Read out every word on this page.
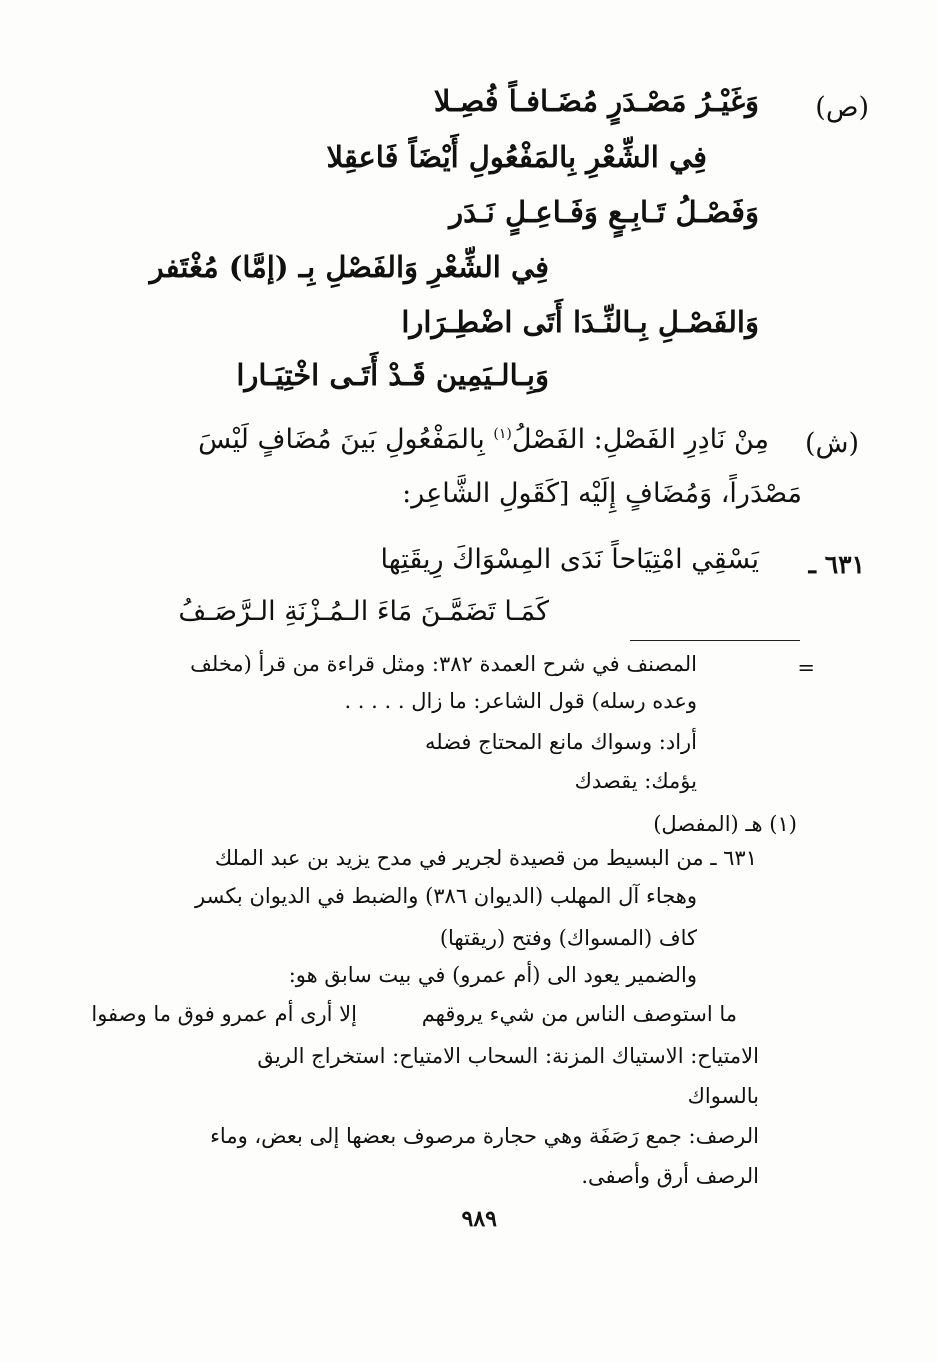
(ص)
وَغَيْـرُ مَصْـدَرٍ مُضَـافـاً فُصِـلا
فِي الشِّعْرِ بِالمَفْعُولِ أَيْضَاً فَاعقِلا
وَفَصْـلُ تَـابِـعٍ وَفَـاعِـلٍ نَـدَر
فِي الشِّعْرِ وَالفَصْلِ بِـ (إمَّا) مُغْتَفر
وَالفَصْـلِ بِـالنِّـدَا أَتَى اضْطِـرَارا
وَبِـالـيَمِين قَـدْ أَتَـى اخْتِيَـارا
(ش)
مِنْ نَادِرِ الفَصْلِ: الفَصْلُ$^{(١)}$ بِالمَفْعُولِ بَينَ مُضَافٍ لَيْسَ
مَصْدَراً، وَمُضَافٍ إِلَيْه [كَقَولِ الشَّاعِر:
٦٣١ ـ
يَسْقِي امْتِيَاحاً نَدَى المِسْوَاكَ رِيقَتِها
كَمَـا تَضَمَّـنَ مَاءَ الـمُـزْنَةِ الـرَّصَـفُ
=
المصنف في شرح العمدة ٣٨٢: ومثل قراءة من قرأ (مخلف
وعده رسله) قول الشاعر: ما زال . . . . .
أراد: وسواك مانع المحتاج فضله
يؤمك: يقصدك
(١) هـ (المفصل)
٦٣١ ـ من البسيط من قصيدة لجرير في مدح يزيد بن عبد الملك
وهجاء آل المهلب (الديوان ٣٨٦) والضبط في الديوان بكسر
كاف (المسواك) وفتح (ريقتها)
والضمير يعود الى (أم عمرو) في بيت سابق هو:
ما استوصف الناس من شيء يروقهم
إلا أرى أم عمرو فوق ما وصفوا
الامتياح: الاستياك المزنة: السحاب الامتياح: استخراج الريق
بالسواك
الرصف: جمع رَصَفَة وهي حجارة مرصوف بعضها إلى بعض، وماء
الرصف أرق وأصفى.
٩٨٩
